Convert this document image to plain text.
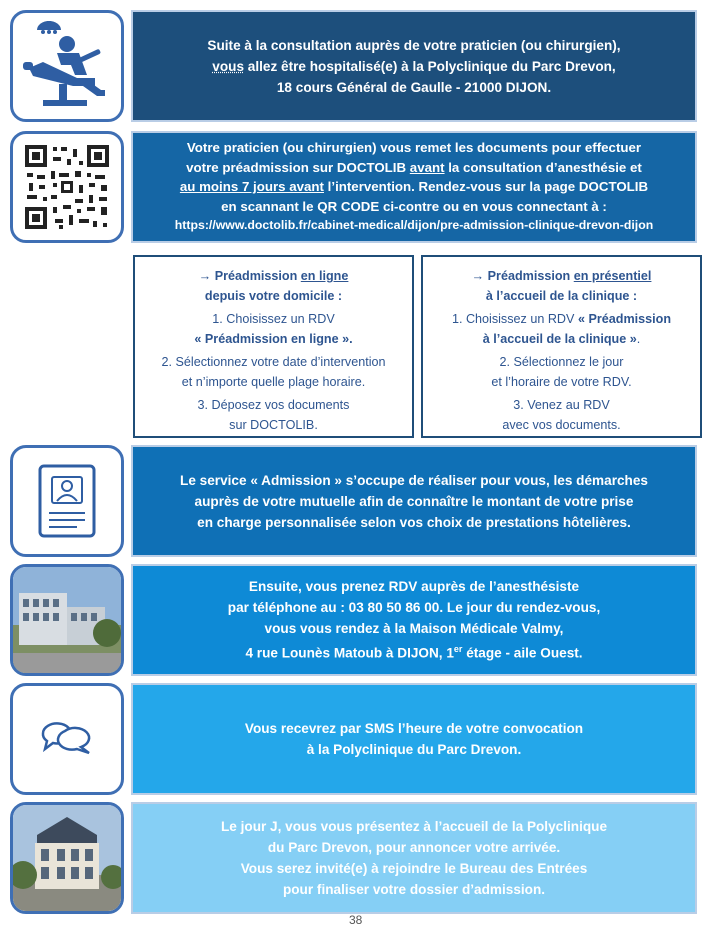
Suite à la consultation auprès de votre praticien (ou chirurgien),
vous allez être hospitalisé(e) à la Polyclinique du Parc Drevon,
18 cours Général de Gaulle - 21000 DIJON.
Votre praticien (ou chirurgien) vous remet les documents pour effectuer
votre préadmission sur DOCTOLIB avant la consultation d’anesthésie et
au moins 7 jours avant l’intervention. Rendez-vous sur la page DOCTOLIB
en scannant le QR CODE ci-contre ou en vous connectant à :
https://www.doctolib.fr/cabinet-medical/dijon/pre-admission-clinique-drevon-dijon
→ Préadmission en ligne
depuis votre domicile :
1. Choisissez un RDV
« Préadmission en ligne ».
2. Sélectionnez votre date d’intervention
et n’importe quelle plage horaire.
3. Déposez vos documents
sur DOCTOLIB.
→ Préadmission en présentiel
à l’accueil de la clinique :
1. Choisissez un RDV « Préadmission
à l’accueil de la clinique ».
2. Sélectionnez le jour
et l’horaire de votre RDV.
3. Venez au RDV
avec vos documents.
Le service « Admission » s’occupe de réaliser pour vous, les démarches
auprès de votre mutuelle afin de connaître le montant de votre prise
en charge personnalisée selon vos choix de prestations hôtelières.
Ensuite, vous prenez RDV auprès de l’anesthésiste
par téléphone au : 03 80 50 86 00. Le jour du rendez-vous,
vous vous rendez à la Maison Médicale Valmy,
4 rue Lounès Matoub à DIJON, 1er étage - aile Ouest.
Vous recevrez par SMS l’heure de votre convocation
à la Polyclinique du Parc Drevon.
Le jour J, vous vous présentez à l’accueil de la Polyclinique
du Parc Drevon, pour annoncer votre arrivée.
Vous serez invité(e) à rejoindre le Bureau des Entrées
pour finaliser votre dossier d’admission.
38
